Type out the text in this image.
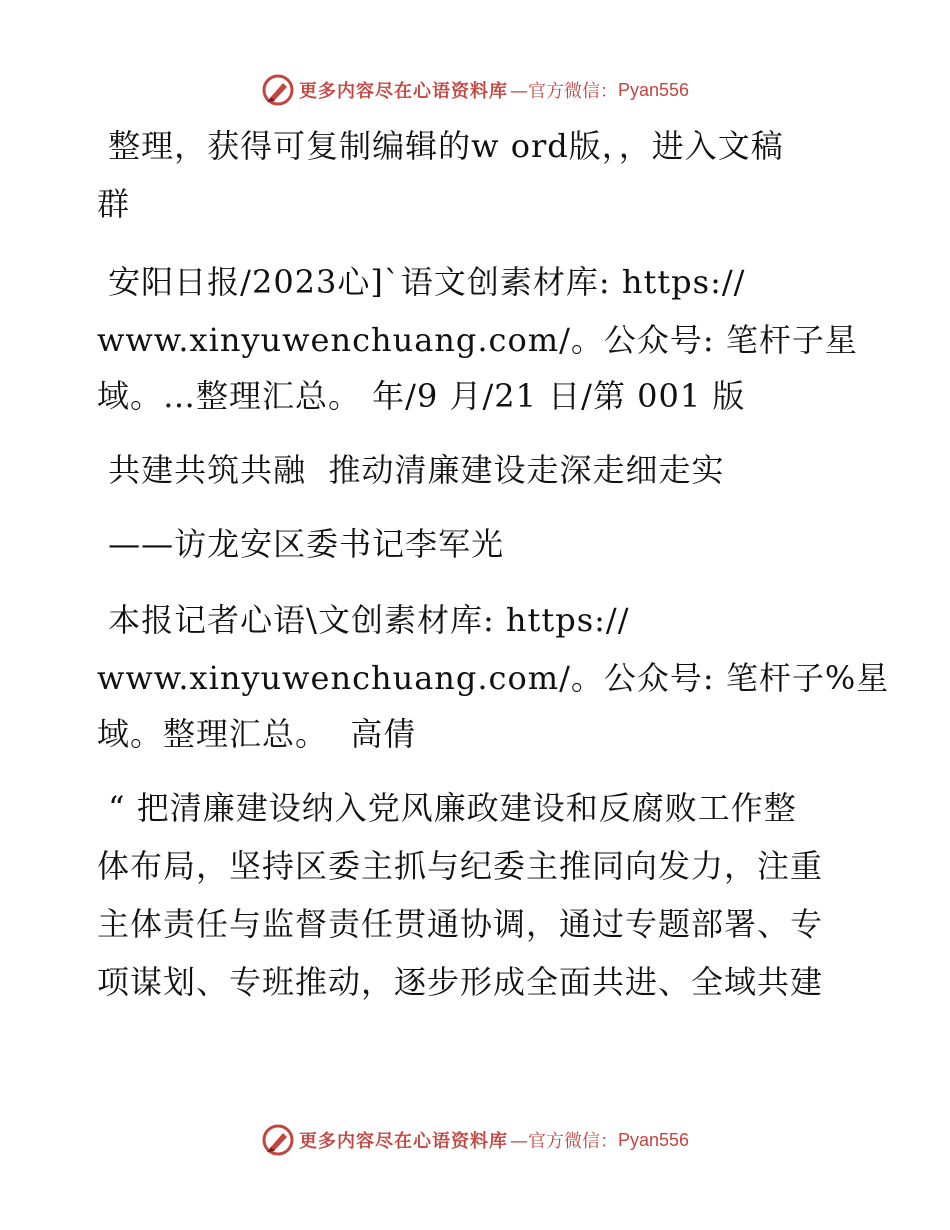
更多内容尽在心语资料库 —官方微信： Pyan556
整理，获得可复制编辑的w ord版，，进入文稿
群
安阳日报/2023心]`语文创素材库: https://
www.xinyuwenchuang.com/。公众号: 笔杆子星
域。…整理汇总。 年/9 月/21 日/第 001 版
共建共筑共融  推动清廉建设走深走细走实
——访龙安区委书记李军光
本报记者心语\文创素材库: https://
www.xinyuwenchuang.com/。公众号: 笔杆子%星
域。整理汇总。  高倩
“ 把清廉建设纳入党风廉政建设和反腐败工作整
体布局，坚持区委主抓与纪委主推同向发力，注重
主体责任与监督责任贯通协调，通过专题部署、专
项谋划、专班推动，逐步形成全面共进、全域共建
更多内容尽在心语资料库 —官方微信： Pyan556
